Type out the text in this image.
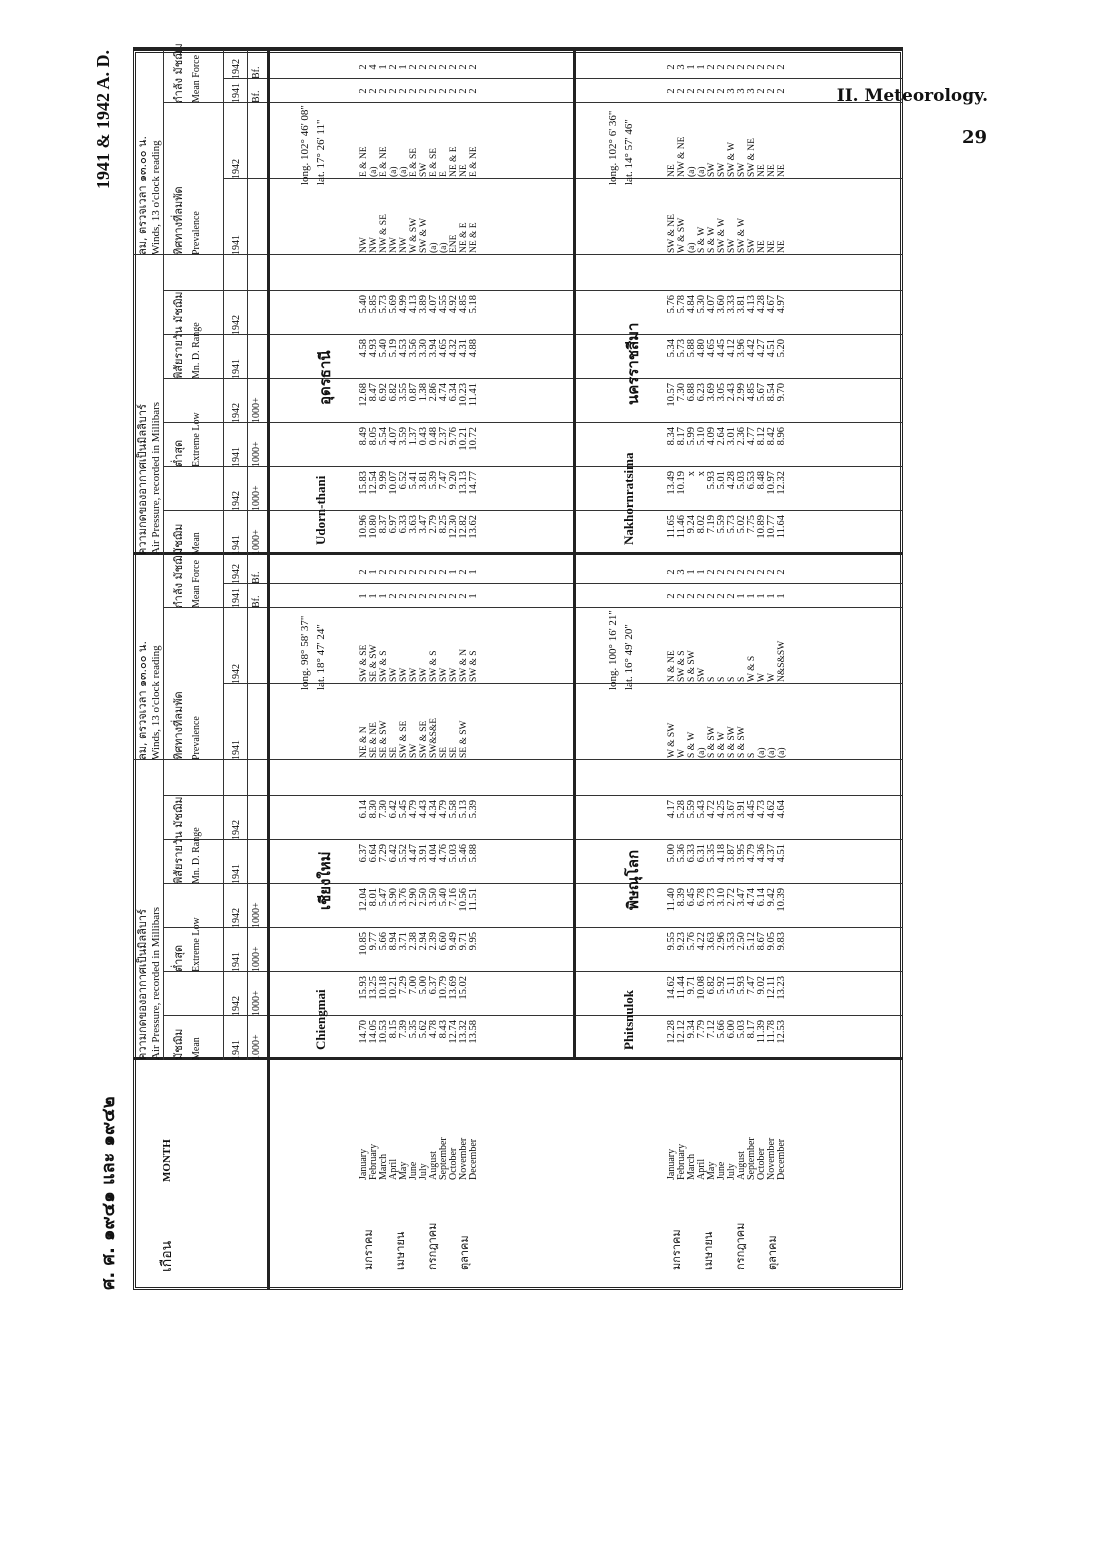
II. Meteorology.
29
ศ. ศ. ๑๙๔๑ และ ๑๙๔๒
1941 & 1942 A. D.
เกือน
MONTH
ความกดของอากาศเป็นมิลลิบาร์ Air Pressure, recorded in Millibars
ลม, ตรวจเวลา ๑๓.๐๐ น. Winds, 13 o'clock reading
มัชฌิม Mean
ต่ำสุด Extreme Low
พิสัยรายวัน มัชฌิม Mn. D. Range
ทิศทางที่ลมพัด Prevalence
กำลัง มัชฌิม Mean Force
1941
1942
1941
1942
1941
1942
1941
1942
1941
1942
1000+
1000+
1000+
1000+
Bf.
Bf.
ความกดของอากาศเป็นมิลลิบาร์ Air Pressure, recorded in Millibars
ลม, ตรวจเวลา ๑๓.๐๐ น. Winds, 13 o'clock reading
มัชฌิม Mean
ต่ำสุด Extreme Low
พิสัยรายวัน มัชฌิม Mn. D. Range
ทิศทางที่ลมพัด Prevalence
กำลัง มัชฌิม Mean Force
1941
1942
1941
1942
1941
1942
1941
1942
1941
1942
1000+
1000+
1000+
1000+
Bf.
Bf.
January
February
March
April
May
June
July
August
September
October
November
December
มกราคม เมษายน กรกฎาคม ตุลาคม
January
February
March
April
May
June
July
August
September
October
November
December
มกราคม เมษายน กรกฎาคม ตุลาคม
Chiengmai
เชียงใหม่
long. 98° 58' 37" lat. 18° 47' 24"
14.70
14.05
10.53
8.15
7.39
5.35
5.62
4.78
8.43
12.74
13.32
13.58
15.93
13.25
10.18
10.21
7.29
7.00
5.00
6.37
10.79
13.69
15.02

10.85
9.77
5.66
8.94
3.71
2.38
2.94
2.39
6.60
9.49
9.71
9.95
12.04
8.01
5.47
5.90
3.76
2.90
2.50
3.50
5.40
7.16
10.56
11.51
6.37
6.64
7.29
6.42
5.52
4.47
3.91
4.04
4.76
5.03
5.46
5.88
6.14
8.30
7.30
6.42
5.45
4.79
4.43
4.34
4.79
5.58
5.13
5.39
NE & N
SE & NE
SE & SW
SE
SW & SE
SW
SW & SE
SW&S&E
SE
SE
SE & SW

SW & SE
SE & SW
SW & S
SW
SW
SW
SW
SW & S
SW
SW
SW & N
SW & S
1
1
1
2
2
2
2
2
2
2
2
1
2
1
2
2
2
2
2
2
2
1
2
1
Phitsnulok
พิษณุโลก
long. 100° 16' 21" lat. 16° 49' 20"
12.28
12.12
9.34
7.79
7.12
5.66
6.00
5.03
8.17
11.39
11.78
12.53
14.62
11.44
9.71
10.08
6.82
5.92
5.11
5.93
7.47
9.02
12.11
13.23
9.55
9.23
5.76
4.22
3.63
2.96
3.53
2.50
5.12
8.67
9.05
9.83
11.40
8.39
6.45
6.78
3.73
3.10
2.72
3.47
4.74
6.14
9.42
10.39
5.00
5.36
6.33
6.31
5.35
4.18
3.87
3.95
4.79
4.36
4.37
4.51
4.17
5.28
5.59
5.43
4.72
4.25
3.67
3.91
4.45
4.73
4.62
4.64
W & SW
W
S & W
(a)
S & SW
S & W
S & SW
S & SW
S
(a)
(a)
(a)
N & NE
SW & S
S & SW
SW
S
S
S
S
W & S
W
W
N&S&SW
2
2
2
2
2
2
2
1
1
1
1
1
2
3
1
1
2
2
2
2
2
2
2
2
Udorn-thani
อุดรธานี
long. 102° 46' 08" lat. 17° 26' 11"
10.96
10.80
8.37
6.97
6.33
3.63
3.47
2.79
8.25
12.30
12.82
13.62
15.83
12.54
9.99
10.07
6.52
5.41
3.81
5.39
7.47
9.20
13.13
14.77
8.49
8.05
5.54
4.07
3.59
1.37
0.43
0.48
2.37
9.76
10.21
10.72
12.68
8.47
6.92
6.82
3.55
0.87
1.38
2.86
4.74
6.34
10.23
11.41
4.58
4.93
5.40
5.19
4.53
3.56
3.30
3.94
4.65
4.32
4.31
4.88
5.40
5.85
5.73
5.69
4.99
4.13
3.89
4.07
4.55
4.92
4.85
5.18
NW
NW
NW & SE
NW
NW
W & SW
SW & W
(a)
(a)
ENE
NE & E
NE & E
E & NE
(a)
E & NE
(a)
(a)
E & SE
SW
E & SE
E
NE & E
NE
E & NE
2
2
2
2
2
2
2
2
2
2
2
2
2
4
1
2
1
2
2
2
2
2
2
2
Nakhornratsima
นครราชสีมา
long. 102° 6' 36" lat. 14° 57' 46"
11.65
11.46
9.24
8.02
7.19
5.59
5.73
5.02
7.75
10.89
10.77
11.64
13.49
10.19
x
x
5.93
5.01
4.28
5.03
6.53
8.48
10.97
12.32
8.34
8.17
5.99
5.10
4.09
2.64
3.01
2.36
4.77
8.12
8.42
8.96
10.57
7.30
6.88
6.23
3.69
3.05
2.43
2.99
4.85
5.67
8.54
9.70
5.34
5.73
5.88
4.80
4.65
4.45
4.12
3.96
4.42
4.27
4.51
5.20
5.76
5.78
4.84
5.30
4.07
3.60
3.33
3.81
4.13
4.28
4.67
4.97
SW & NE
W & SW
(a)
S & W
S & W
SW & W
SW
SW & W
SW
NE
NE
NE
NE
NW & NE
(a)
(a)
SW
SW
SW & W
SW
SW & NE
NE
NE
NE
2
2
2
2
2
2
3
3
3
2
2
2
2
3
1
1
2
2
2
2
2
2
2
2
